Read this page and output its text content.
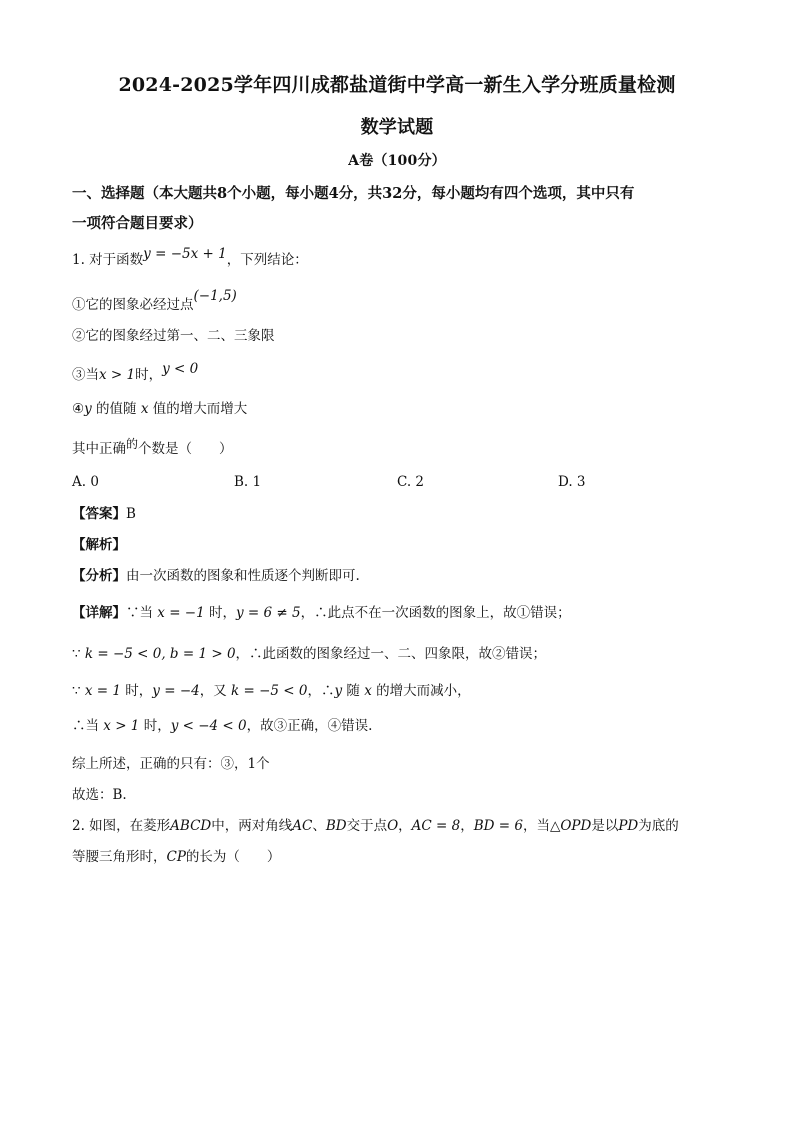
2024-2025学年四川成都盐道街中学高一新生入学分班质量检测
数学试题
A卷（100分）
一、选择题（本大题共8个小题，每小题4分，共32分，每小题均有四个选项，其中只有
一项符合题目要求）
1. 对于函数y = −5x + 1，下列结论：
①它的图象必经过点(−1,5)
②它的图象经过第一、二、三象限
③当x > 1时，y < 0
④y 的值随 x 值的增大而增大
其中正确的个数是（　　）
A. 0	B. 1	C. 2	D. 3
【答案】B
【解析】
【分析】由一次函数的图象和性质逐个判断即可.
【详解】∵当 x = −1 时，y = 6 ≠ 5，∴此点不在一次函数的图象上，故①错误；
∵ k = −5 < 0, b = 1 > 0，∴此函数的图象经过一、二、四象限，故②错误；
∵ x = 1 时，y = −4，又 k = −5 < 0，∴y 随 x 的增大而减小，
∴当 x > 1 时，y < −4 < 0，故③正确，④错误.
综上所述，正确的只有：③，1个
故选：B.
2. 如图，在菱形ABCD中，两对角线AC、BD交于点O，AC = 8，BD = 6，当△OPD是以PD为底的
等腰三角形时，CP的长为（　　）
